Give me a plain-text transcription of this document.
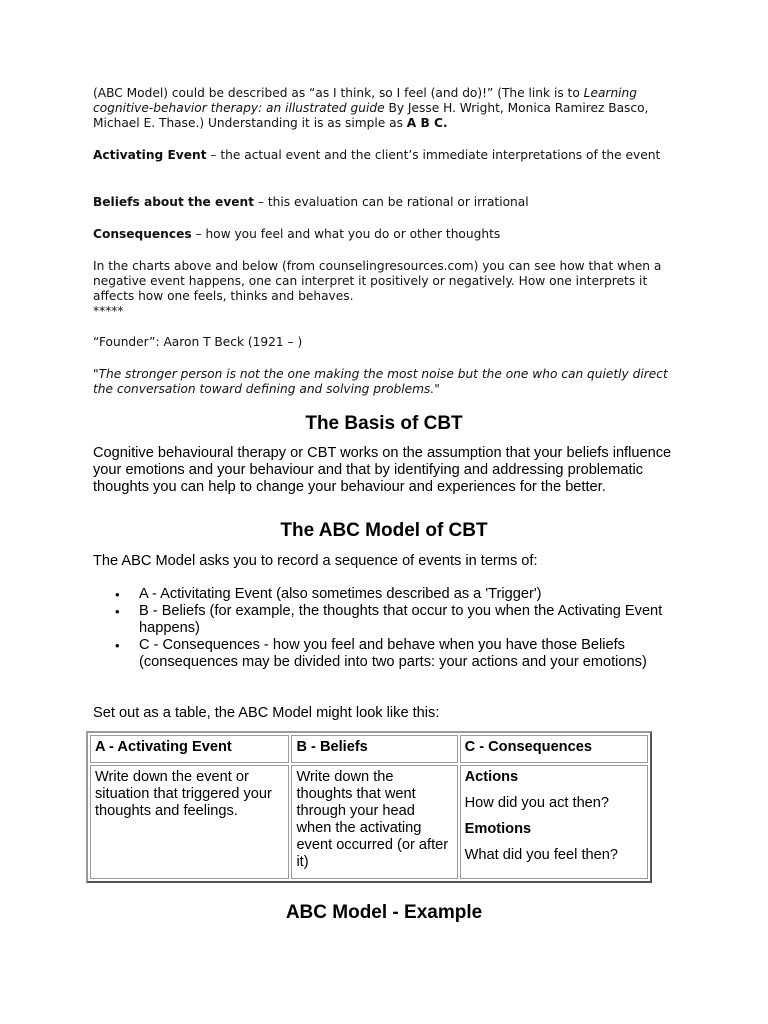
(ABC Model) could be described as “as I think, so I feel (and do)!” (The link is to Learning cognitive-behavior therapy: an illustrated guide By Jesse H. Wright, Monica Ramirez Basco, Michael E. Thase.) Understanding it is as simple as A B C.
Activating Event – the actual event and the client’s immediate interpretations of the event
Beliefs about the event – this evaluation can be rational or irrational
Consequences – how you feel and what you do or other thoughts
In the charts above and below (from counselingresources.com) you can see how that when a negative event happens, one can interpret it positively or negatively. How one interprets it affects how one feels, thinks and behaves.
*****
“Founder”: Aaron T Beck (1921 – )
"The stronger person is not the one making the most noise but the one who can quietly direct the conversation toward defining and solving problems."
The Basis of CBT
Cognitive behavioural therapy or CBT works on the assumption that your beliefs influence your emotions and your behaviour and that by identifying and addressing problematic thoughts you can help to change your behaviour and experiences for the better.
The ABC Model of CBT
The ABC Model asks you to record a sequence of events in terms of:
• A - Activitating Event (also sometimes described as a 'Trigger')
• B - Beliefs (for example, the thoughts that occur to you when the Activating Event happens)
• C - Consequences - how you feel and behave when you have those Beliefs (consequences may be divided into two parts: your actions and your emotions)
Set out as a table, the ABC Model might look like this:
A - Activating Event	B - Beliefs	C - Consequences
Write down the event or situation that triggered your thoughts and feelings.	Write down the thoughts that went through your head when the activating event occurred (or after it)	Actions
How did you act then?
Emotions
What did you feel then?
ABC Model - Example
